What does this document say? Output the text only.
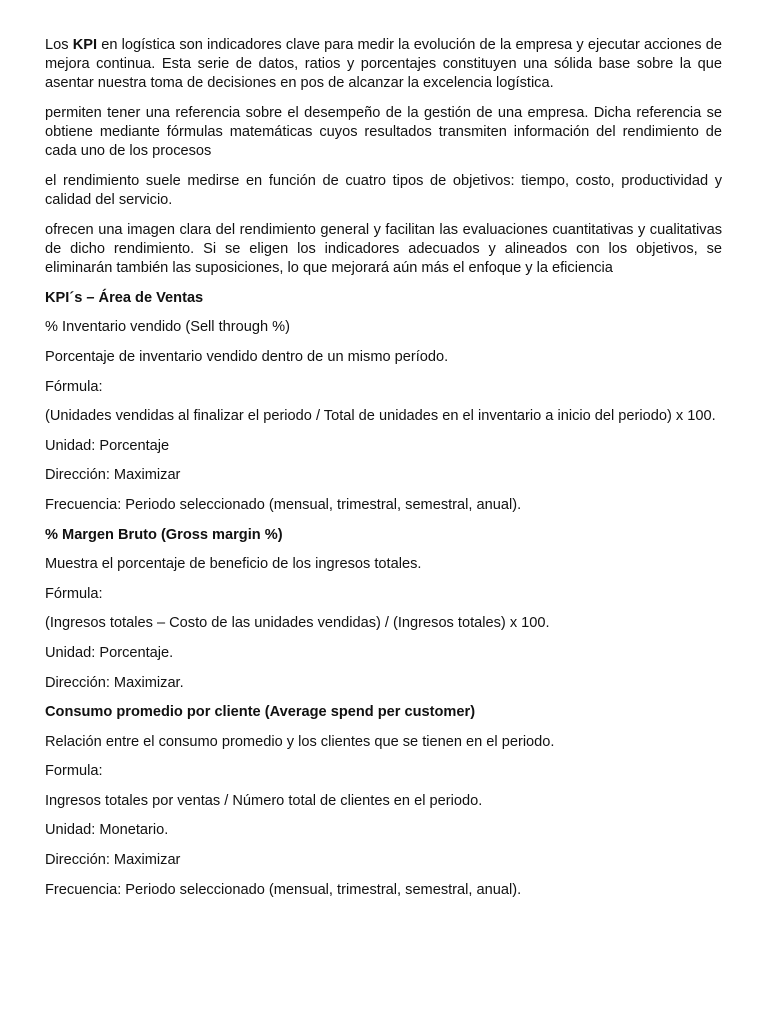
Los KPI en logística son indicadores clave para medir la evolución de la empresa y ejecutar acciones de mejora continua. Esta serie de datos, ratios y porcentajes constituyen una sólida base sobre la que asentar nuestra toma de decisiones en pos de alcanzar la excelencia logística.

permiten tener una referencia sobre el desempeño de la gestión de una empresa. Dicha referencia se obtiene mediante fórmulas matemáticas cuyos resultados transmiten información del rendimiento de cada uno de los procesos

el rendimiento suele medirse en función de cuatro tipos de objetivos: tiempo, costo, productividad y calidad del servicio.

ofrecen una imagen clara del rendimiento general y facilitan las evaluaciones cuantitativas y cualitativas de dicho rendimiento. Si se eligen los indicadores adecuados y alineados con los objetivos, se eliminarán también las suposiciones, lo que mejorará aún más el enfoque y la eficiencia

KPI´s – Área de Ventas

% Inventario vendido (Sell through %)

Porcentaje de inventario vendido dentro de un mismo período.

Fórmula:

(Unidades vendidas al finalizar el periodo / Total de unidades en el inventario a inicio del periodo) x 100.

Unidad: Porcentaje

Dirección: Maximizar

Frecuencia: Periodo seleccionado (mensual, trimestral, semestral, anual).

% Margen Bruto (Gross margin %)

Muestra el porcentaje de beneficio de los ingresos totales.

Fórmula:

(Ingresos totales – Costo de las unidades vendidas) / (Ingresos totales) x 100.

Unidad: Porcentaje.

Dirección: Maximizar.

Consumo promedio por cliente (Average spend per customer)

Relación entre el consumo promedio y los clientes que se tienen en el periodo.

Formula:

Ingresos totales por ventas / Número total de clientes en el periodo.

Unidad: Monetario.

Dirección: Maximizar

Frecuencia: Periodo seleccionado (mensual, trimestral, semestral, anual).
